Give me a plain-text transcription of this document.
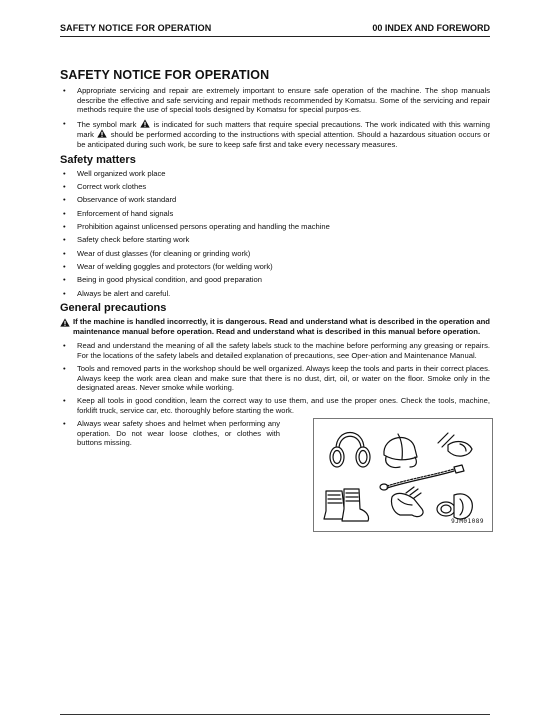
SAFETY NOTICE FOR OPERATION	00 INDEX AND FOREWORD
SAFETY NOTICE FOR OPERATION
• Appropriate servicing and repair are extremely important to ensure safe operation of the machine. The shop manuals describe the effective and safe servicing and repair methods recommended by Komatsu. Some of the servicing and repair methods require the use of special tools designed by Komatsu for special purpos-es.
• The symbol mark is indicated for such matters that require special precautions. The work indicated with this warning mark should be performed according to the instructions with special attention. Should a hazardous situation occurs or be anticipated during such work, be sure to keep safe first and take every necessary measures.
Safety matters
• Well organized work place
• Correct work clothes
• Observance of work standard
• Enforcement of hand signals
• Prohibition against unlicensed persons operating and handling the machine
• Safety check before starting work
• Wear of dust glasses (for cleaning or grinding work)
• Wear of welding goggles and protectors (for welding work)
• Being in good physical condition, and good preparation
• Always be alert and careful.
General precautions
If the machine is handled incorrectly, it is dangerous. Read and understand what is described in the operation and maintenance manual before operation. Read and understand what is described in this manual before operation.
• Read and understand the meaning of all the safety labels stuck to the machine before performing any greasing or repairs. For the locations of the safety labels and detailed explanation of precautions, see Oper-ation and Maintenance Manual.
• Tools and removed parts in the workshop should be well organized. Always keep the tools and parts in their correct places. Always keep the work area clean and make sure that there is no dust, dirt, oil, or water on the floor. Smoke only in the designated areas. Never smoke while working.
• Keep all tools in good condition, learn the correct way to use them, and use the proper ones. Check the tools, machine, forklift truck, service car, etc. thoroughly before starting the work.
• Always wear safety shoes and helmet when performing any operation. Do not wear loose clothes, or clothes with buttons missing.
9JM01089
